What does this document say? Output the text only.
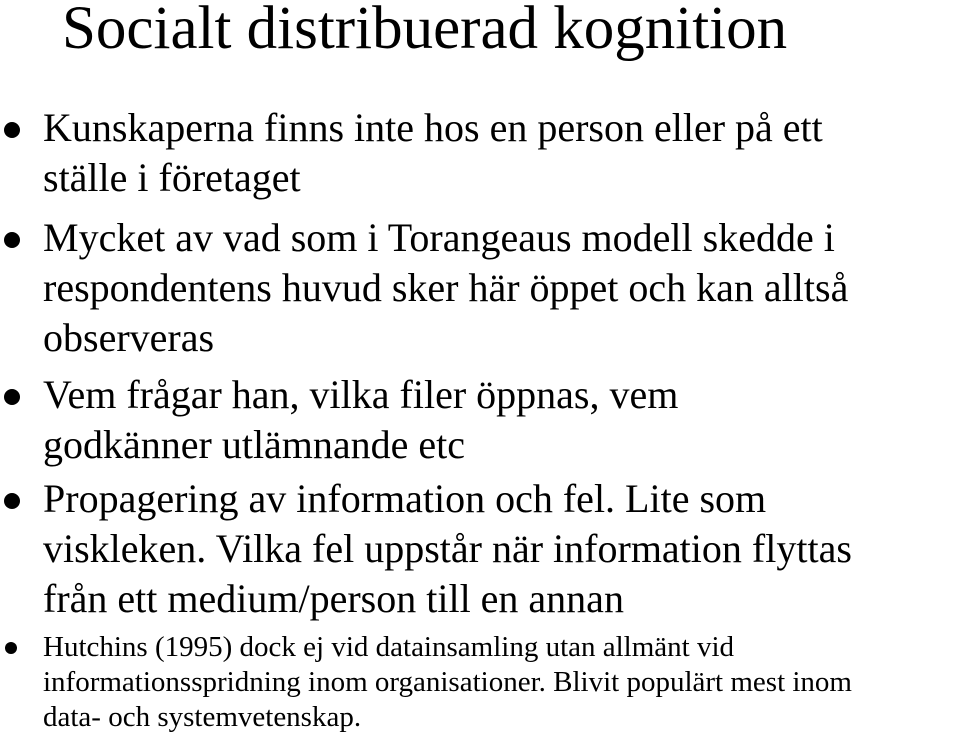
Socialt distribuerad kognition

Kunskaperna finns inte hos en person eller på ett
ställe i företaget

Mycket av vad som i Torangeaus modell skedde i
respondentens huvud sker här öppet och kan alltså
observeras

Vem frågar han, vilka filer öppnas, vem
godkänner utlämnande etc

Propagering av information och fel. Lite som
viskleken. Vilka fel uppstår när information flyttas
från ett medium/person till en annan

Hutchins (1995) dock ej vid datainsamling utan allmänt vid
informationsspridning inom organisationer. Blivit populärt mest inom
data- och systemvetenskap.
